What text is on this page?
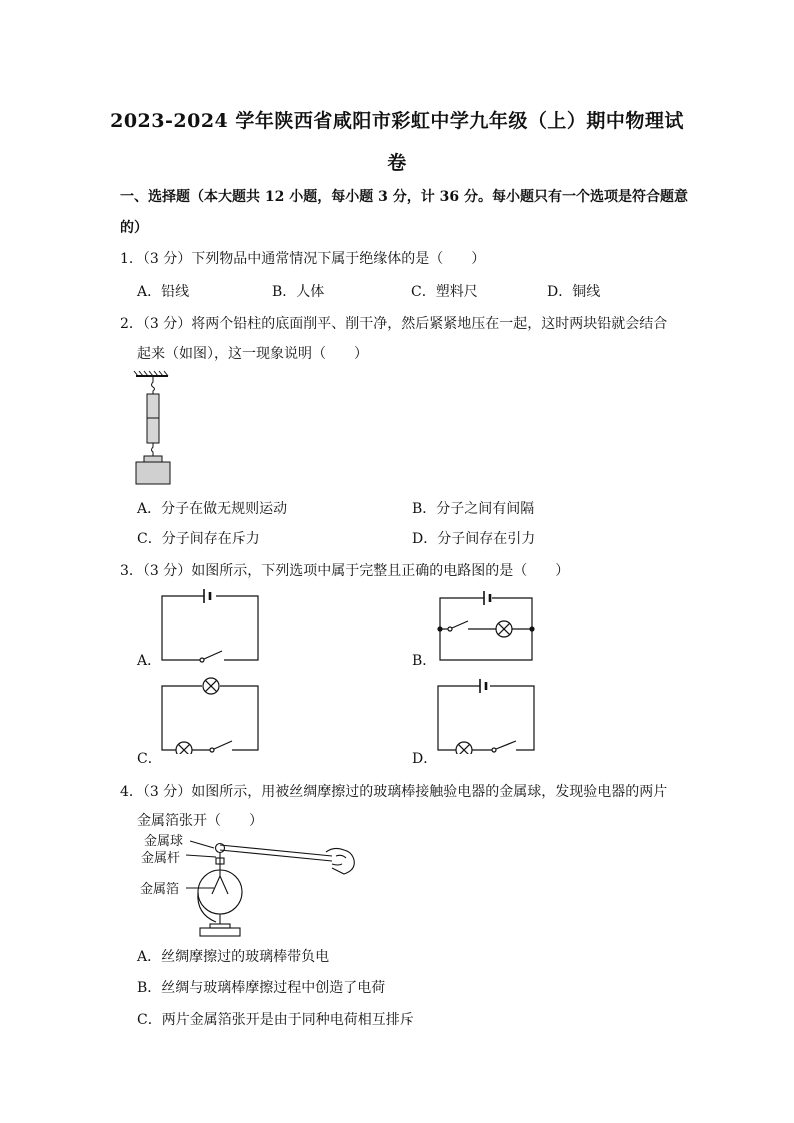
2023-2024 学年陕西省咸阳市彩虹中学九年级（上）期中物理试
卷
一、选择题（本大题共 12 小题，每小题 3 分，计 36 分。每小题只有一个选项是符合题意
的）
1．（3 分）下列物品中通常情况下属于绝缘体的是（　　）
A．铅线	B．人体	C．塑料尺	D．铜线
2．（3 分）将两个铅柱的底面削平、削干净，然后紧紧地压在一起，这时两块铅就会结合
起来（如图），这一现象说明（　　）
A．分子在做无规则运动	B．分子之间有间隔
C．分子间存在斥力	D．分子间存在引力
3．（3 分）如图所示，下列选项中属于完整且正确的电路图的是（　　）
A．	B．
C．	D．
4．（3 分）如图所示，用被丝绸摩擦过的玻璃棒接触验电器的金属球，发现验电器的两片
金属箔张开（　　）
金属球
金属杆
金属箔
A．丝绸摩擦过的玻璃棒带负电
B．丝绸与玻璃棒摩擦过程中创造了电荷
C．两片金属箔张开是由于同种电荷相互排斥
